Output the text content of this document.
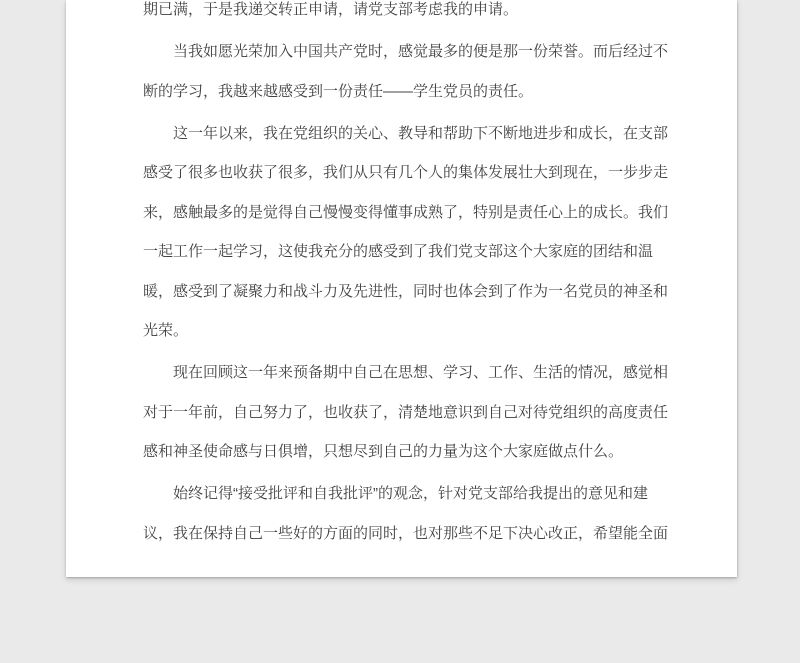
期已满，于是我递交转正申请，请党支部考虑我的申请。
当我如愿光荣加入中国共产党时，感觉最多的便是那一份荣誉。而后经过不
断的学习，我越来越感受到一份责任——学生党员的责任。
这一年以来，我在党组织的关心、教导和帮助下不断地进步和成长，在支部
感受了很多也收获了很多，我们从只有几个人的集体发展壮大到现在，一步步走
来，感触最多的是觉得自己慢慢变得懂事成熟了，特别是责任心上的成长。我们
一起工作一起学习，这使我充分的感受到了我们党支部这个大家庭的团结和温
暖，感受到了凝聚力和战斗力及先进性，同时也体会到了作为一名党员的神圣和
光荣。
现在回顾这一年来预备期中自己在思想、学习、工作、生活的情况，感觉相
对于一年前，自己努力了，也收获了，清楚地意识到自己对待党组织的高度责任
感和神圣使命感与日俱增，只想尽到自己的力量为这个大家庭做点什么。
始终记得“接受批评和自我批评”的观念，针对党支部给我提出的意见和建
议，我在保持自己一些好的方面的同时，也对那些不足下决心改正，希望能全面
